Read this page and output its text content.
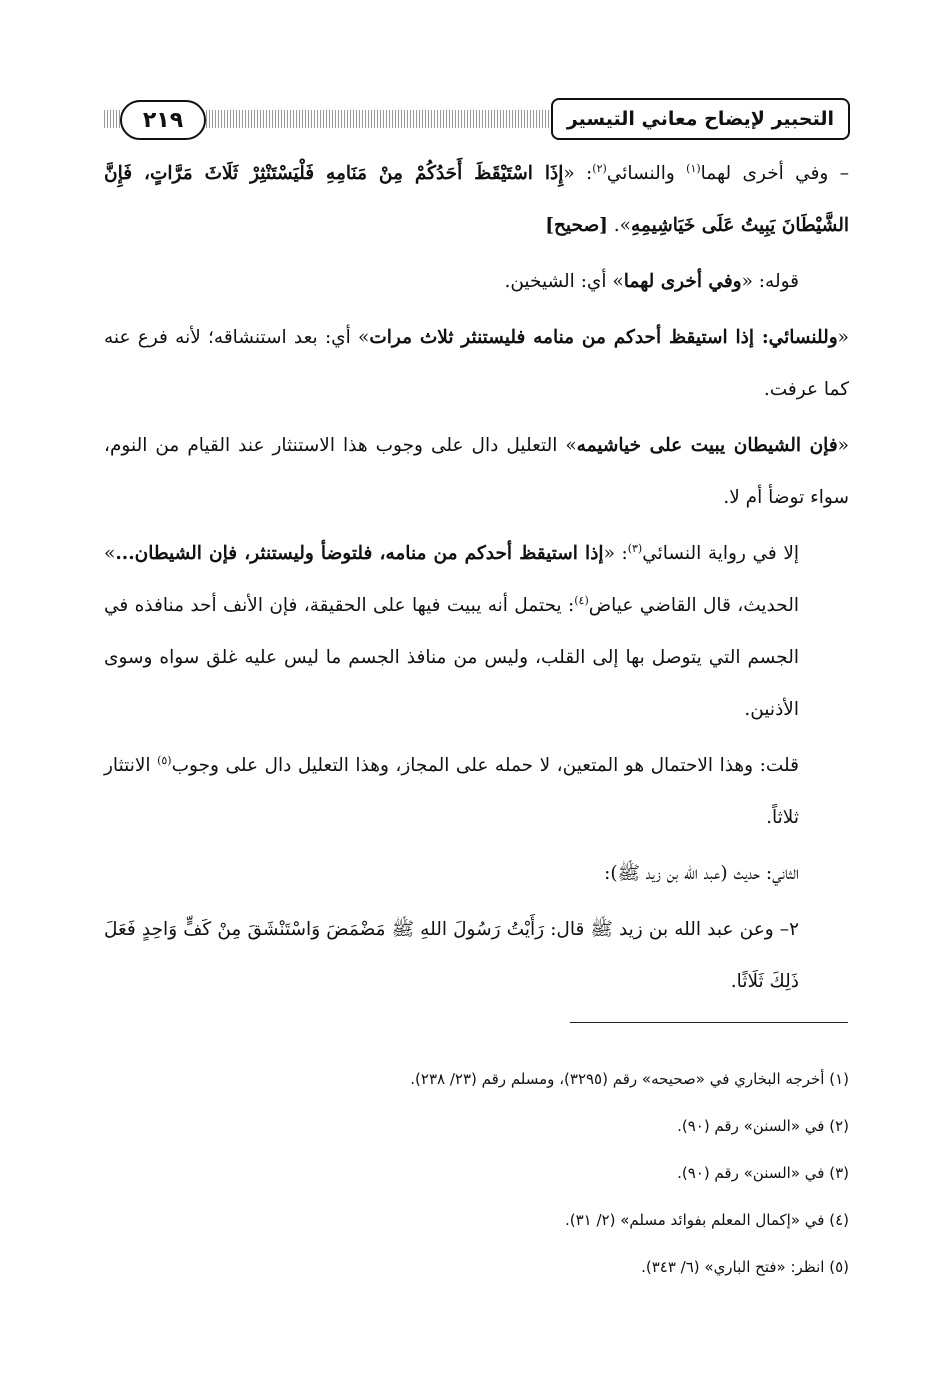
٢١٩	التحبير لإيضاح معاني التيسير

– وفي أخرى لهما$^{(١)}$ والنسائي$^{(٢)}$: «إِذَا اسْتَيْقَظَ أَحَدُكُمْ مِنْ مَنَامِهِ فَلْيَسْتَنْثِرْ ثَلَاثَ مَرَّاتٍ، فَإِنَّ الشَّيْطَانَ يَبِيتُ عَلَى خَيَاشِيمِهِ». [صحيح]

قوله: «وفي أخرى لهما» أي: الشيخين.

«وللنسائي: إذا استيقظ أحدكم من منامه فليستنثر ثلاث مرات» أي: بعد استنشاقه؛ لأنه فرع عنه كما عرفت.

«فإن الشيطان يبيت على خياشيمه» التعليل دال على وجوب هذا الاستنثار عند القيام من النوم، سواء توضأ أم لا.

إلا في رواية النسائي$^{(٣)}$: «إذا استيقظ أحدكم من منامه، فلتوضأ وليستنثر، فإن الشيطان...» الحديث، قال القاضي عياض$^{(٤)}$: يحتمل أنه يبيت فيها على الحقيقة، فإن الأنف أحد منافذه في الجسم التي يتوصل بها إلى القلب، وليس من منافذ الجسم ما ليس عليه غلق سواه وسوى الأذنين.

قلت: وهذا الاحتمال هو المتعين، لا حمله على المجاز، وهذا التعليل دال على وجوب$^{(٥)}$ الانتثار ثلاثاً.

الثاني: حديث (عبد الله بن زيد ﷺ):

٢– وعن عبد الله بن زيد ﷺ قال: رَأَيْتُ رَسُولَ اللهِ ﷺ مَضْمَضَ وَاسْتَنْشَقَ مِنْ كَفٍّ وَاحِدٍ فَعَلَ ذَلِكَ ثَلَاثًا.

(١) أخرجه البخاري في «صحيحه» رقم (٣٢٩٥)، ومسلم رقم (٢٣/ ٢٣٨).

(٢) في «السنن» رقم (٩٠).

(٣) في «السنن» رقم (٩٠).

(٤) في «إكمال المعلم بفوائد مسلم» (٢/ ٣١).

(٥) انظر: «فتح الباري» (٦/ ٣٤٣).
